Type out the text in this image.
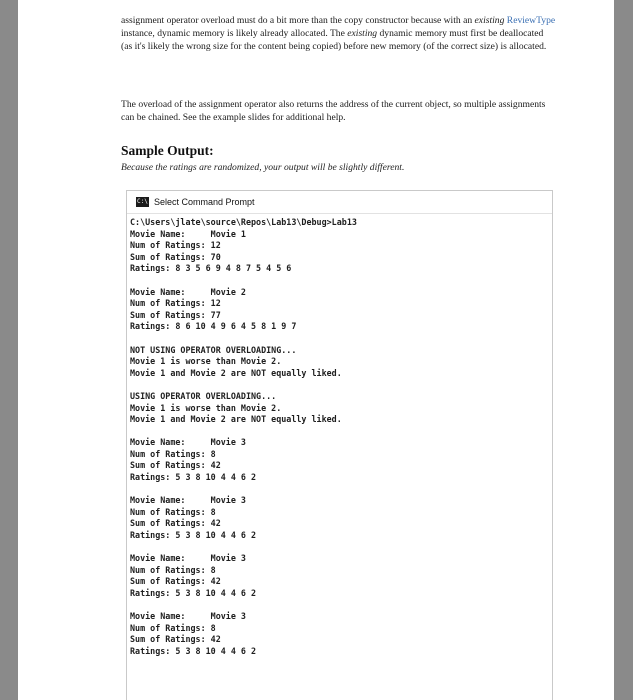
assignment operator overload must do a bit more than the copy constructor because with an existing ReviewType instance, dynamic memory is likely already allocated. The existing dynamic memory must first be deallocated (as it's likely the wrong size for the content being copied) before new memory (of the correct size) is allocated.
The overload of the assignment operator also returns the address of the current object, so multiple assignments can be chained. See the example slides for additional help.
Sample Output:
Because the ratings are randomized, your output will be slightly different.
C:\ Select Command Prompt
C:\Users\jlate\source\Repos\Lab13\Debug>Lab13
Movie Name:     Movie 1
Num of Ratings: 12
Sum of Ratings: 70
Ratings: 8 3 5 6 9 4 8 7 5 4 5 6
Movie Name:     Movie 2
Num of Ratings: 12
Sum of Ratings: 77
Ratings: 8 6 10 4 9 6 4 5 8 1 9 7
NOT USING OPERATOR OVERLOADING...
Movie 1 is worse than Movie 2.
Movie 1 and Movie 2 are NOT equally liked.
USING OPERATOR OVERLOADING...
Movie 1 is worse than Movie 2.
Movie 1 and Movie 2 are NOT equally liked.
Movie Name:     Movie 3
Num of Ratings: 8
Sum of Ratings: 42
Ratings: 5 3 8 10 4 4 6 2
Movie Name:     Movie 3
Num of Ratings: 8
Sum of Ratings: 42
Ratings: 5 3 8 10 4 4 6 2
Movie Name:     Movie 3
Num of Ratings: 8
Sum of Ratings: 42
Ratings: 5 3 8 10 4 4 6 2
Movie Name:     Movie 3
Num of Ratings: 8
Sum of Ratings: 42
Ratings: 5 3 8 10 4 4 6 2
